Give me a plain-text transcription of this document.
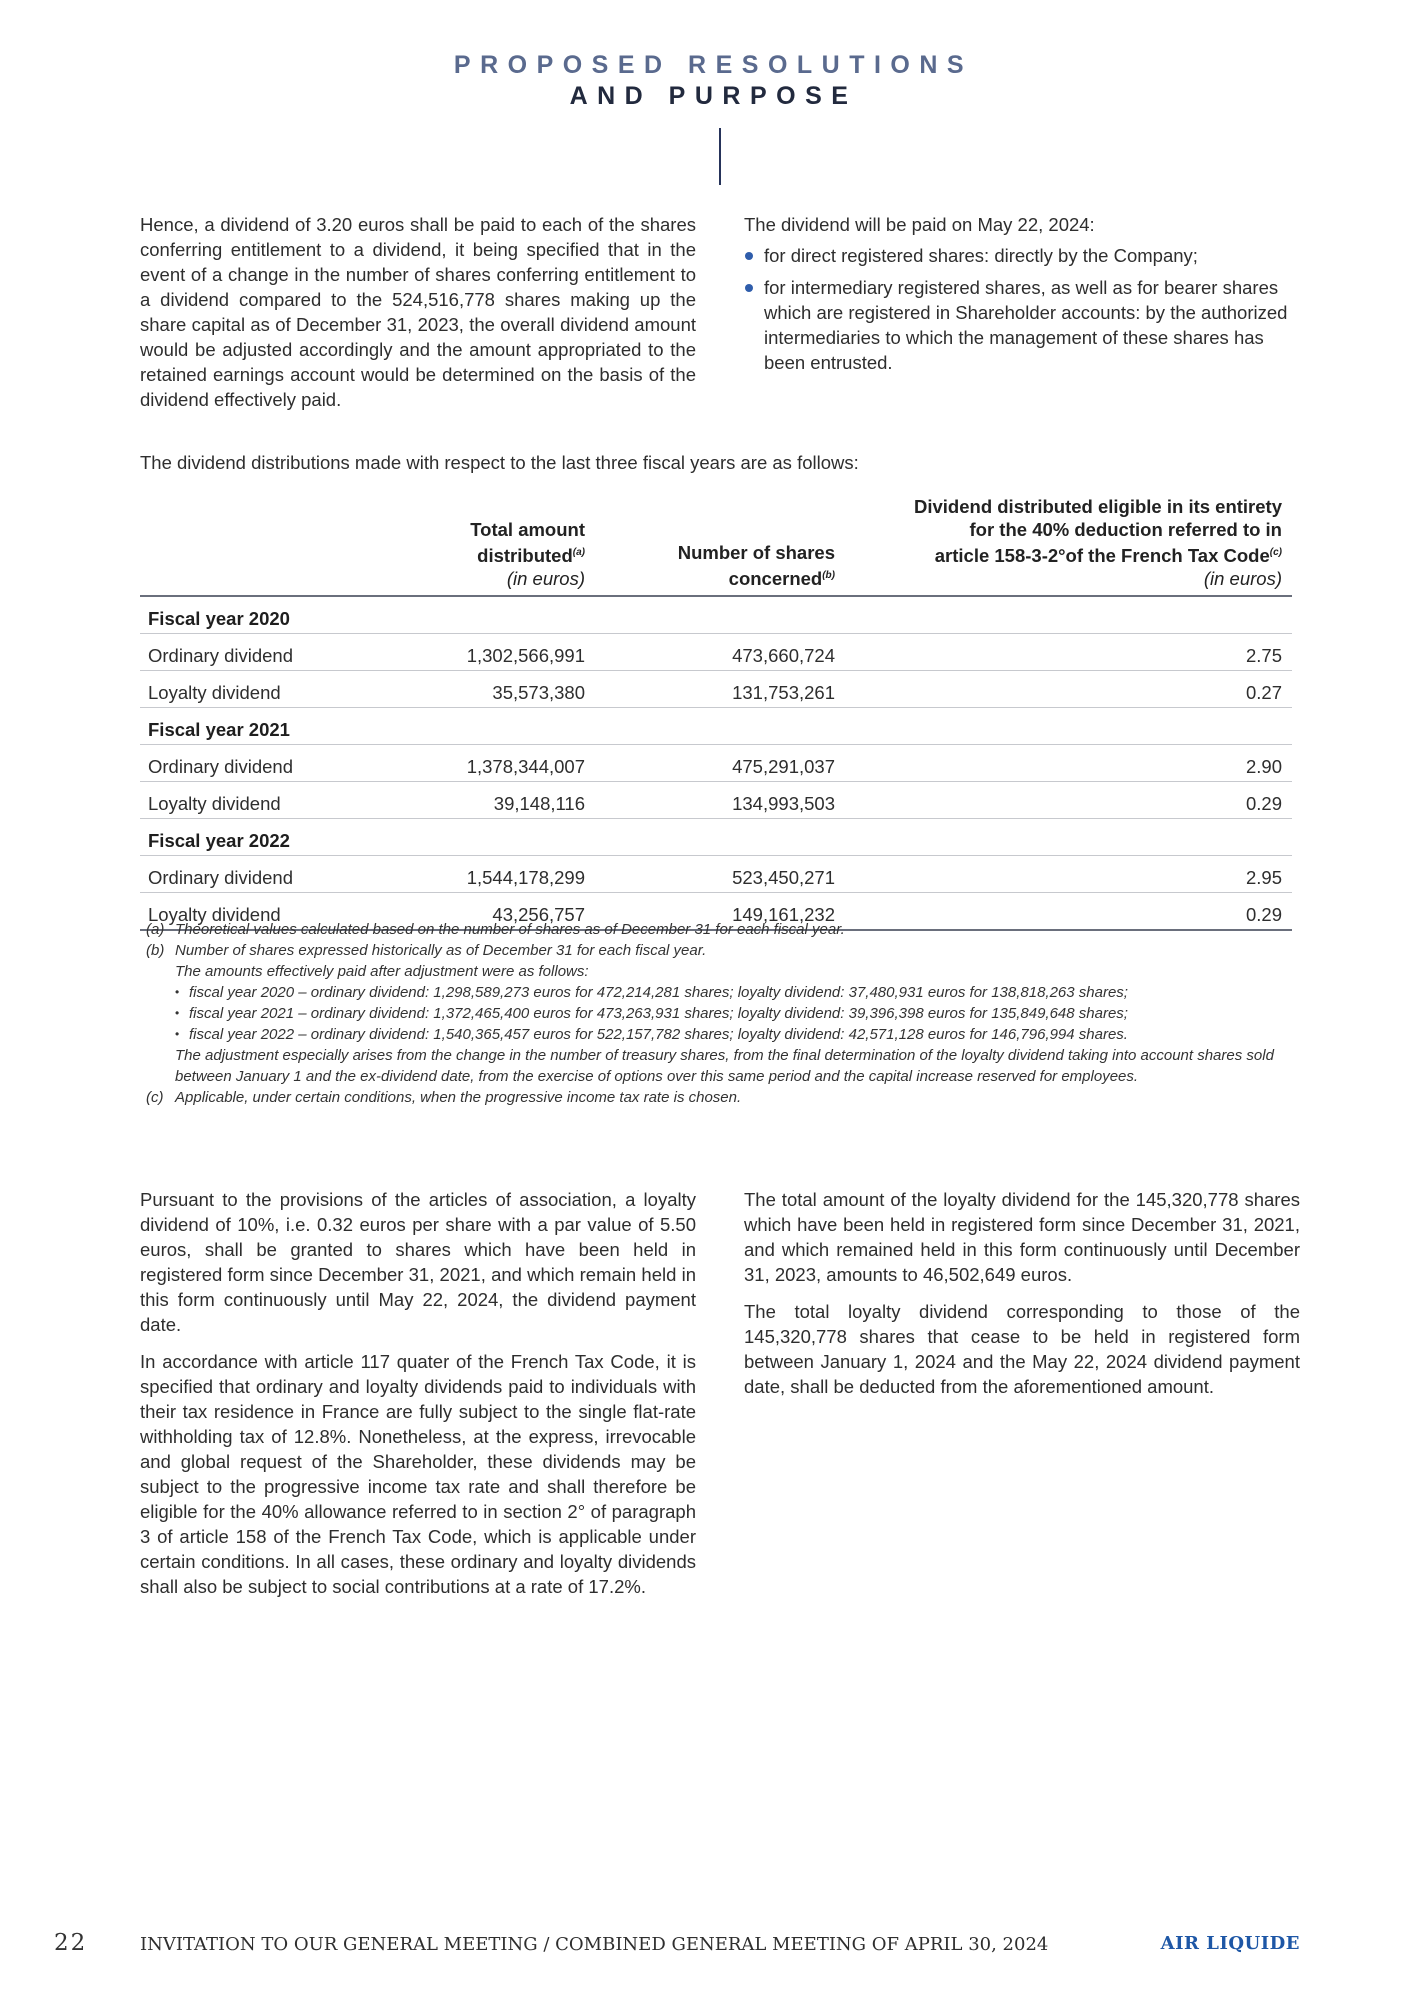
PROPOSED RESOLUTIONS
AND PURPOSE

Hence, a dividend of 3.20 euros shall be paid to each of the shares conferring entitlement to a dividend, it being specified that in the event of a change in the number of shares conferring entitlement to a dividend compared to the 524,516,778 shares making up the share capital as of December 31, 2023, the overall dividend amount would be adjusted accordingly and the amount appropriated to the retained earnings account would be determined on the basis of the dividend effectively paid.

The dividend will be paid on May 22, 2024:

for direct registered shares: directly by the Company;
for intermediary registered shares, as well as for bearer shares which are registered in Shareholder accounts: by the authorized intermediaries to which the management of these shares has been entrusted.
The dividend distributions made with respect to the last three fiscal years are as follows:
	Total amount
distributed$^{(a)}$
(in euros)	Number of shares
concerned$^{(b)}$	Dividend distributed eligible in its entirety
for the 40% deduction referred to in
article 158-3-2°of the French Tax Code$^{(c)}$
(in euros)
Fiscal year 2020			
Ordinary dividend	1,302,566,991	473,660,724	2.75
Loyalty dividend	35,573,380	131,753,261	0.27
Fiscal year 2021			
Ordinary dividend	1,378,344,007	475,291,037	2.90
Loyalty dividend	39,148,116	134,993,503	0.29
Fiscal year 2022			
Ordinary dividend	1,544,178,299	523,450,271	2.95
Loyalty dividend	43,256,757	149,161,232	0.29
(a) Theoretical values calculated based on the number of shares as of December 31 for each fiscal year.
(b) Number of shares expressed historically as of December 31 for each fiscal year.
The amounts effectively paid after adjustment were as follows:
• fiscal year 2020 – ordinary dividend: 1,298,589,273 euros for 472,214,281 shares; loyalty dividend: 37,480,931 euros for 138,818,263 shares;
• fiscal year 2021 – ordinary dividend: 1,372,465,400 euros for 473,263,931 shares; loyalty dividend: 39,396,398 euros for 135,849,648 shares;
• fiscal year 2022 – ordinary dividend: 1,540,365,457 euros for 522,157,782 shares; loyalty dividend: 42,571,128 euros for 146,796,994 shares.
The adjustment especially arises from the change in the number of treasury shares, from the final determination of the loyalty dividend taking into account shares sold between January 1 and the ex-dividend date, from the exercise of options over this same period and the capital increase reserved for employees.
(c) Applicable, under certain conditions, when the progressive income tax rate is chosen.

Pursuant to the provisions of the articles of association, a loyalty dividend of 10%, i.e. 0.32 euros per share with a par value of 5.50 euros, shall be granted to shares which have been held in registered form since December 31, 2021, and which remain held in this form continuously until May 22, 2024, the dividend payment date.

In accordance with article 117 quater of the French Tax Code, it is specified that ordinary and loyalty dividends paid to individuals with their tax residence in France are fully subject to the single flat-rate withholding tax of 12.8%. Nonetheless, at the express, irrevocable and global request of the Shareholder, these dividends may be subject to the progressive income tax rate and shall therefore be eligible for the 40% allowance referred to in section 2° of paragraph 3 of article 158 of the French Tax Code, which is applicable under certain conditions. In all cases, these ordinary and loyalty dividends shall also be subject to social contributions at a rate of 17.2%.

The total amount of the loyalty dividend for the 145,320,778 shares which have been held in registered form since December 31, 2021, and which remained held in this form continuously until December 31, 2023, amounts to 46,502,649 euros.

The total loyalty dividend corresponding to those of the 145,320,778 shares that cease to be held in registered form between January 1, 2024 and the May 22, 2024 dividend payment date, shall be deducted from the aforementioned amount.

22	INVITATION TO OUR GENERAL MEETING / COMBINED GENERAL MEETING OF APRIL 30, 2024	AIR LIQUIDE
